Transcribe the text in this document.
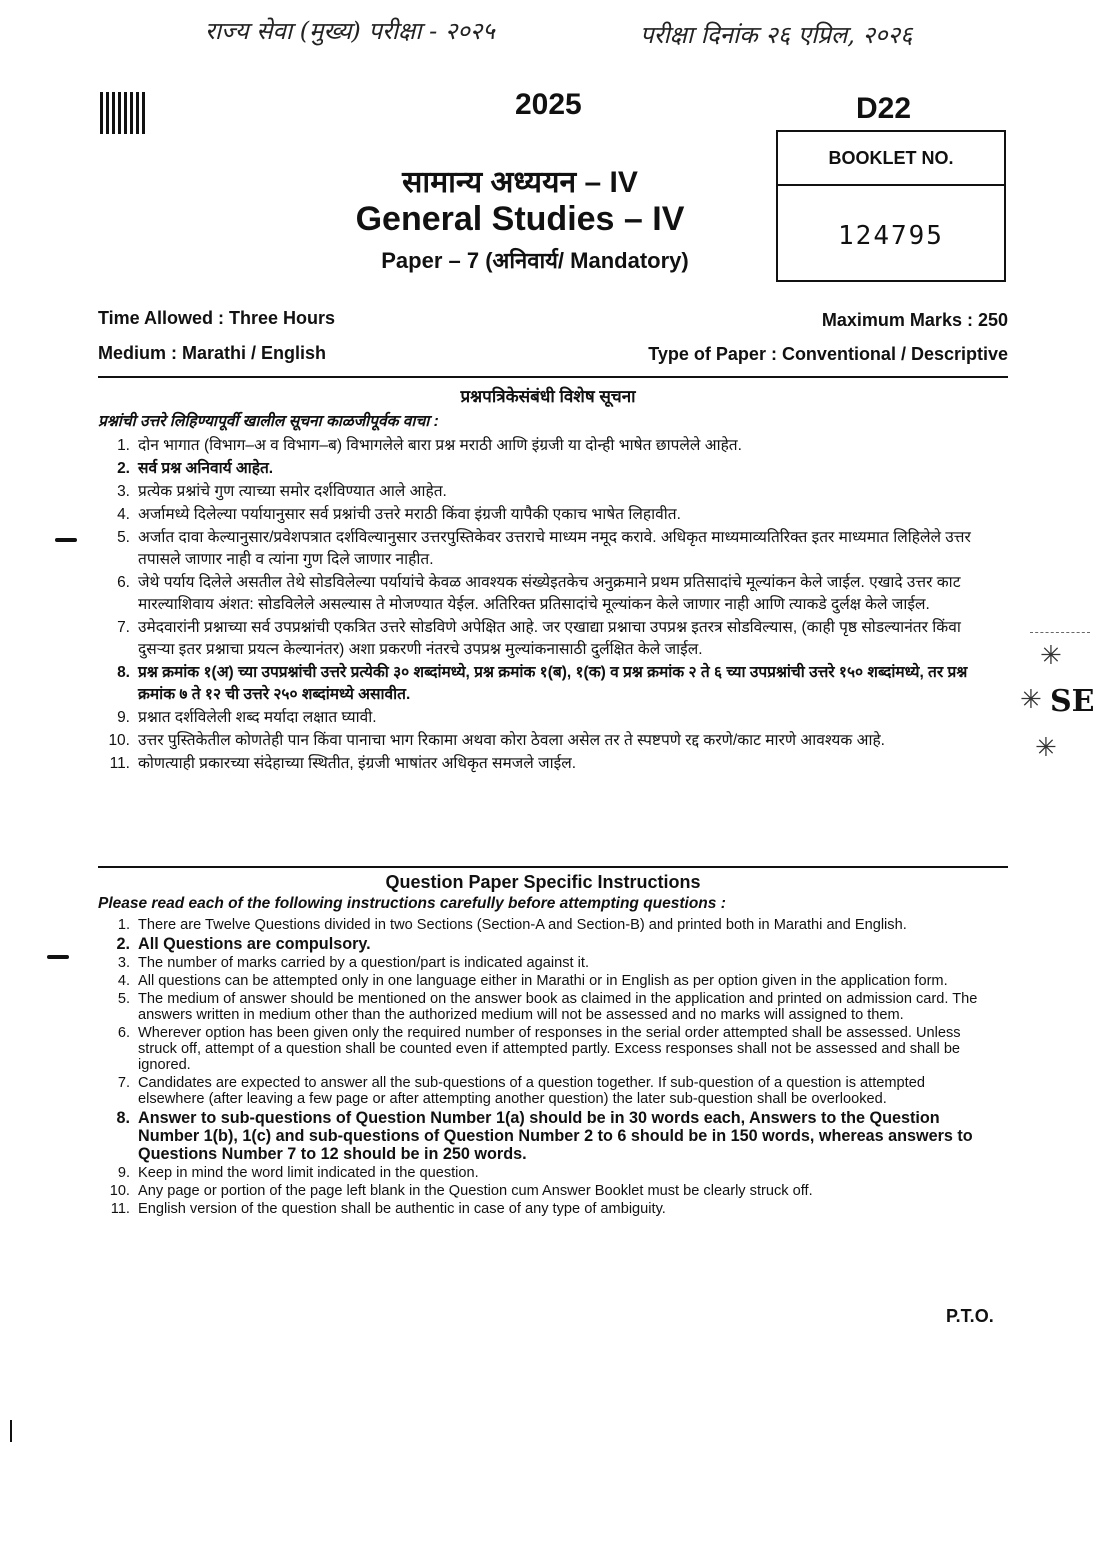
राज्य सेवा (मुख्य) परीक्षा - २०२५	परीक्षा दिनांक २६ एप्रिल, २०२६
2025	D22
BOOKLET NO.
124795
सामान्य अध्ययन – IV
General Studies – IV
Paper – 7 (अनिवार्य/ Mandatory)
Time Allowed : Three Hours	Maximum Marks : 250
Medium : Marathi / English	Type of Paper : Conventional / Descriptive
प्रश्नपत्रिकेसंबंधी विशेष सूचना
प्रश्नांची उत्तरे लिहिण्यापूर्वी खालील सूचना काळजीपूर्वक वाचा :
1. दोन भागात (विभाग–अ व विभाग–ब) विभागलेले बारा प्रश्न मराठी आणि इंग्रजी या दोन्ही भाषेत छापलेले आहेत.
2. सर्व प्रश्न अनिवार्य आहेत.
3. प्रत्येक प्रश्नांचे गुण त्याच्या समोर दर्शविण्यात आले आहेत.
4. अर्जामध्ये दिलेल्या पर्यायानुसार सर्व प्रश्नांची उत्तरे मराठी किंवा इंग्रजी यापैकी एकाच भाषेत लिहावीत.
5. अर्जात दावा केल्यानुसार/प्रवेशपत्रात दर्शविल्यानुसार उत्तरपुस्तिकेवर उत्तराचे माध्यम नमूद करावे. अधिकृत माध्यमाव्यतिरिक्त इतर माध्यमात लिहिलेले उत्तर तपासले जाणार नाही व त्यांना गुण दिले जाणार नाहीत.
6. जेथे पर्याय दिलेले असतील तेथे सोडविलेल्या पर्यायांचे केवळ आवश्यक संख्येइतकेच अनुक्रमाने प्रथम प्रतिसादांचे मूल्यांकन केले जाईल. एखादे उत्तर काट मारल्याशिवाय अंशत: सोडविलेले असल्यास ते मोजण्यात येईल. अतिरिक्त प्रतिसादांचे मूल्यांकन केले जाणार नाही आणि त्याकडे दुर्लक्ष केले जाईल.
7. उमेदवारांनी प्रश्नाच्या सर्व उपप्रश्नांची एकत्रित उत्तरे सोडविणे अपेक्षित आहे. जर एखाद्या प्रश्नाचा उपप्रश्न इतरत्र सोडविल्यास, (काही पृष्ठ सोडल्यानंतर किंवा दुसऱ्या इतर प्रश्नाचा प्रयत्न केल्यानंतर) अशा प्रकरणी नंतरचे उपप्रश्न मुल्यांकनासाठी दुर्लक्षित केले जाईल.
8. प्रश्न क्रमांक १(अ) च्या उपप्रश्नांची उत्तरे प्रत्येकी ३० शब्दांमध्ये, प्रश्न क्रमांक १(ब), १(क) व प्रश्न क्रमांक २ ते ६ च्या उपप्रश्नांची उत्तरे १५० शब्दांमध्ये, तर प्रश्न क्रमांक ७ ते १२ ची उत्तरे २५० शब्दांमध्ये असावीत.
9. प्रश्नात दर्शविलेली शब्द मर्यादा लक्षात घ्यावी.
10. उत्तर पुस्तिकेतील कोणतेही पान किंवा पानाचा भाग रिकामा अथवा कोरा ठेवला असेल तर ते स्पष्टपणे रद्द करणे/काट मारणे आवश्यक आहे.
11. कोणत्याही प्रकारच्या संदेहाच्या स्थितीत, इंग्रजी भाषांतर अधिकृत समजले जाईल.
Question Paper Specific Instructions
Please read each of the following instructions carefully before attempting questions :
1. There are Twelve Questions divided in two Sections (Section-A and Section-B) and printed both in Marathi and English.
2. All Questions are compulsory.
3. The number of marks carried by a question/part is indicated against it.
4. All questions can be attempted only in one language either in Marathi or in English as per option given in the application form.
5. The medium of answer should be mentioned on the answer book as claimed in the application and printed on admission card. The answers written in medium other than the authorized medium will not be assessed and no marks will assigned to them.
6. Wherever option has been given only the required number of responses in the serial order attempted shall be assessed. Unless struck off, attempt of a question shall be counted even if attempted partly. Excess responses shall not be assessed and shall be ignored.
7. Candidates are expected to answer all the sub-questions of a question together. If sub-question of a question is attempted elsewhere (after leaving a few page or after attempting another question) the later sub-question shall be overlooked.
8. Answer to sub-questions of Question Number 1(a) should be in 30 words each, Answers to the Question Number 1(b), 1(c) and sub-questions of Question Number 2 to 6 should be in 150 words, whereas answers to Questions Number 7 to 12 should be in 250 words.
9. Keep in mind the word limit indicated in the question.
10. Any page or portion of the page left blank in the Question cum Answer Booklet must be clearly struck off.
11. English version of the question shall be authentic in case of any type of ambiguity.
P.T.O.
✳
✳ SE
✳
